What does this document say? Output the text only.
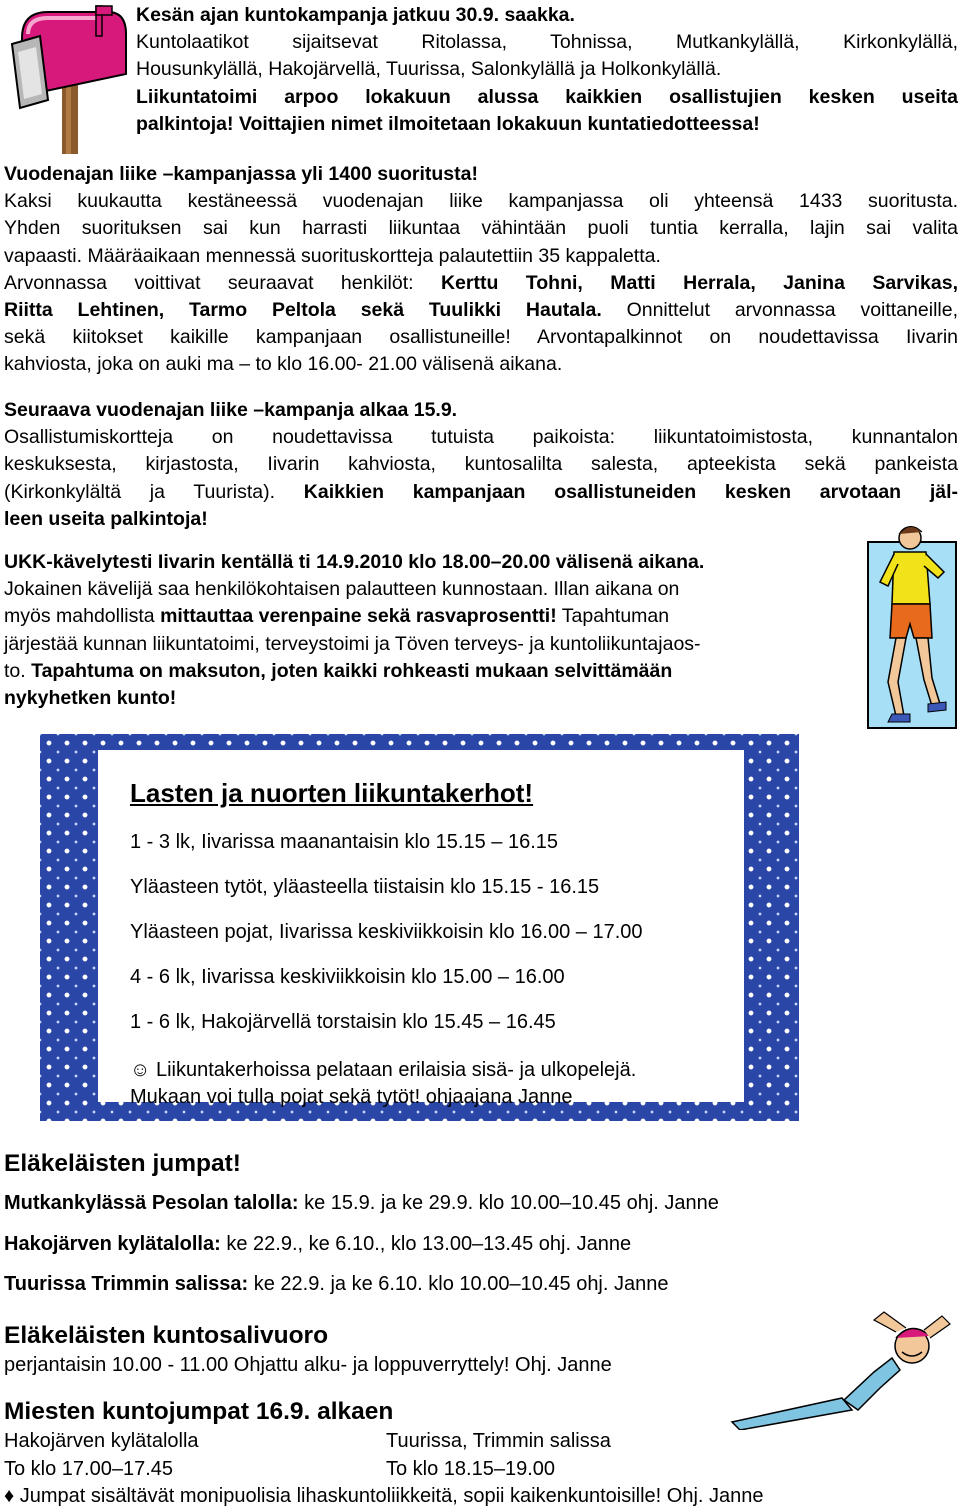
Kesän ajan kuntokampanja jatkuu 30.9. saakka.
Kuntolaatikot sijaitsevat Ritolassa, Tohnissa, Mutkankylällä, Kirkonkylällä,
Housunkylällä, Hakojärvellä, Tuurissa, Salonkylällä ja Holkonkylällä.
Liikuntatoimi arpoo lokakuun alussa kaikkien osallistujien kesken useita
palkintoja! Voittajien nimet ilmoitetaan lokakuun kuntatiedotteessa!
Vuodenajan liike –kampanjassa yli 1400 suoritusta!
Kaksi kuukautta kestäneessä vuodenajan liike kampanjassa oli yhteensä 1433 suoritusta.
Yhden suorituksen sai kun harrasti liikuntaa vähintään puoli tuntia kerralla, lajin sai valita
vapaasti. Määräaikaan mennessä suorituskortteja palautettiin 35 kappaletta.
Arvonnassa voittivat seuraavat henkilöt: Kerttu Tohni, Matti Herrala, Janina Sarvikas,
Riitta Lehtinen, Tarmo Peltola sekä Tuulikki Hautala. Onnittelut arvonnassa voittaneille,
sekä kiitokset kaikille kampanjaan osallistuneille! Arvontapalkinnot on noudettavissa Iivarin
kahviosta, joka on auki ma – to klo 16.00- 21.00 välisenä aikana.
Seuraava vuodenajan liike –kampanja alkaa 15.9.
Osallistumiskortteja on noudettavissa tutuista paikoista: liikuntatoimistosta, kunnantalon
keskuksesta, kirjastosta, Iivarin kahviosta, kuntosalilta salesta, apteekista sekä pankeista
(Kirkonkylältä ja Tuurista). Kaikkien kampanjaan osallistuneiden kesken arvotaan jäl-
leen useita palkintoja!
UKK-kävelytesti Iivarin kentällä ti 14.9.2010 klo 18.00–20.00 välisenä aikana.
Jokainen kävelijä saa henkilökohtaisen palautteen kunnostaan. Illan aikana on
myös mahdollista mittauttaa verenpaine sekä rasvaprosentti! Tapahtuman
järjestää kunnan liikuntatoimi, terveystoimi ja Töven terveys- ja kuntoliikuntajaos-
to. Tapahtuma on maksuton, joten kaikki rohkeasti mukaan selvittämään
nykyhetken kunto!
Lasten ja nuorten liikuntakerhot!
1 - 3 lk, Iivarissa maanantaisin klo 15.15 – 16.15
Yläasteen tytöt, yläasteella tiistaisin klo 15.15 - 16.15
Yläasteen pojat, Iivarissa keskiviikkoisin klo 16.00 – 17.00
4 - 6 lk, Iivarissa keskiviikkoisin klo 15.00 – 16.00
1 - 6 lk, Hakojärvellä torstaisin klo 15.45 – 16.45
☺ Liikuntakerhoissa pelataan erilaisia sisä- ja ulkopelejä.
Mukaan voi tulla pojat sekä tytöt! ohjaajana Janne
Eläkeläisten jumpat!
Mutkankylässä Pesolan talolla: ke 15.9. ja ke 29.9. klo 10.00–10.45 ohj. Janne
Hakojärven kylätalolla: ke 22.9., ke 6.10., klo 13.00–13.45 ohj. Janne
Tuurissa Trimmin salissa: ke 22.9. ja ke 6.10. klo 10.00–10.45 ohj. Janne
Eläkeläisten kuntosalivuoro
perjantaisin 10.00 - 11.00 Ohjattu alku- ja loppuverryttely! Ohj. Janne
Miesten kuntojumpat 16.9. alkaen
Hakojärven kylätalolla	Tuurissa, Trimmin salissa
To klo 17.00–17.45	To klo 18.15–19.00
♦ Jumpat sisältävät monipuolisia lihaskuntoliikkeitä, sopii kaikenkuntoisille! Ohj. Janne
